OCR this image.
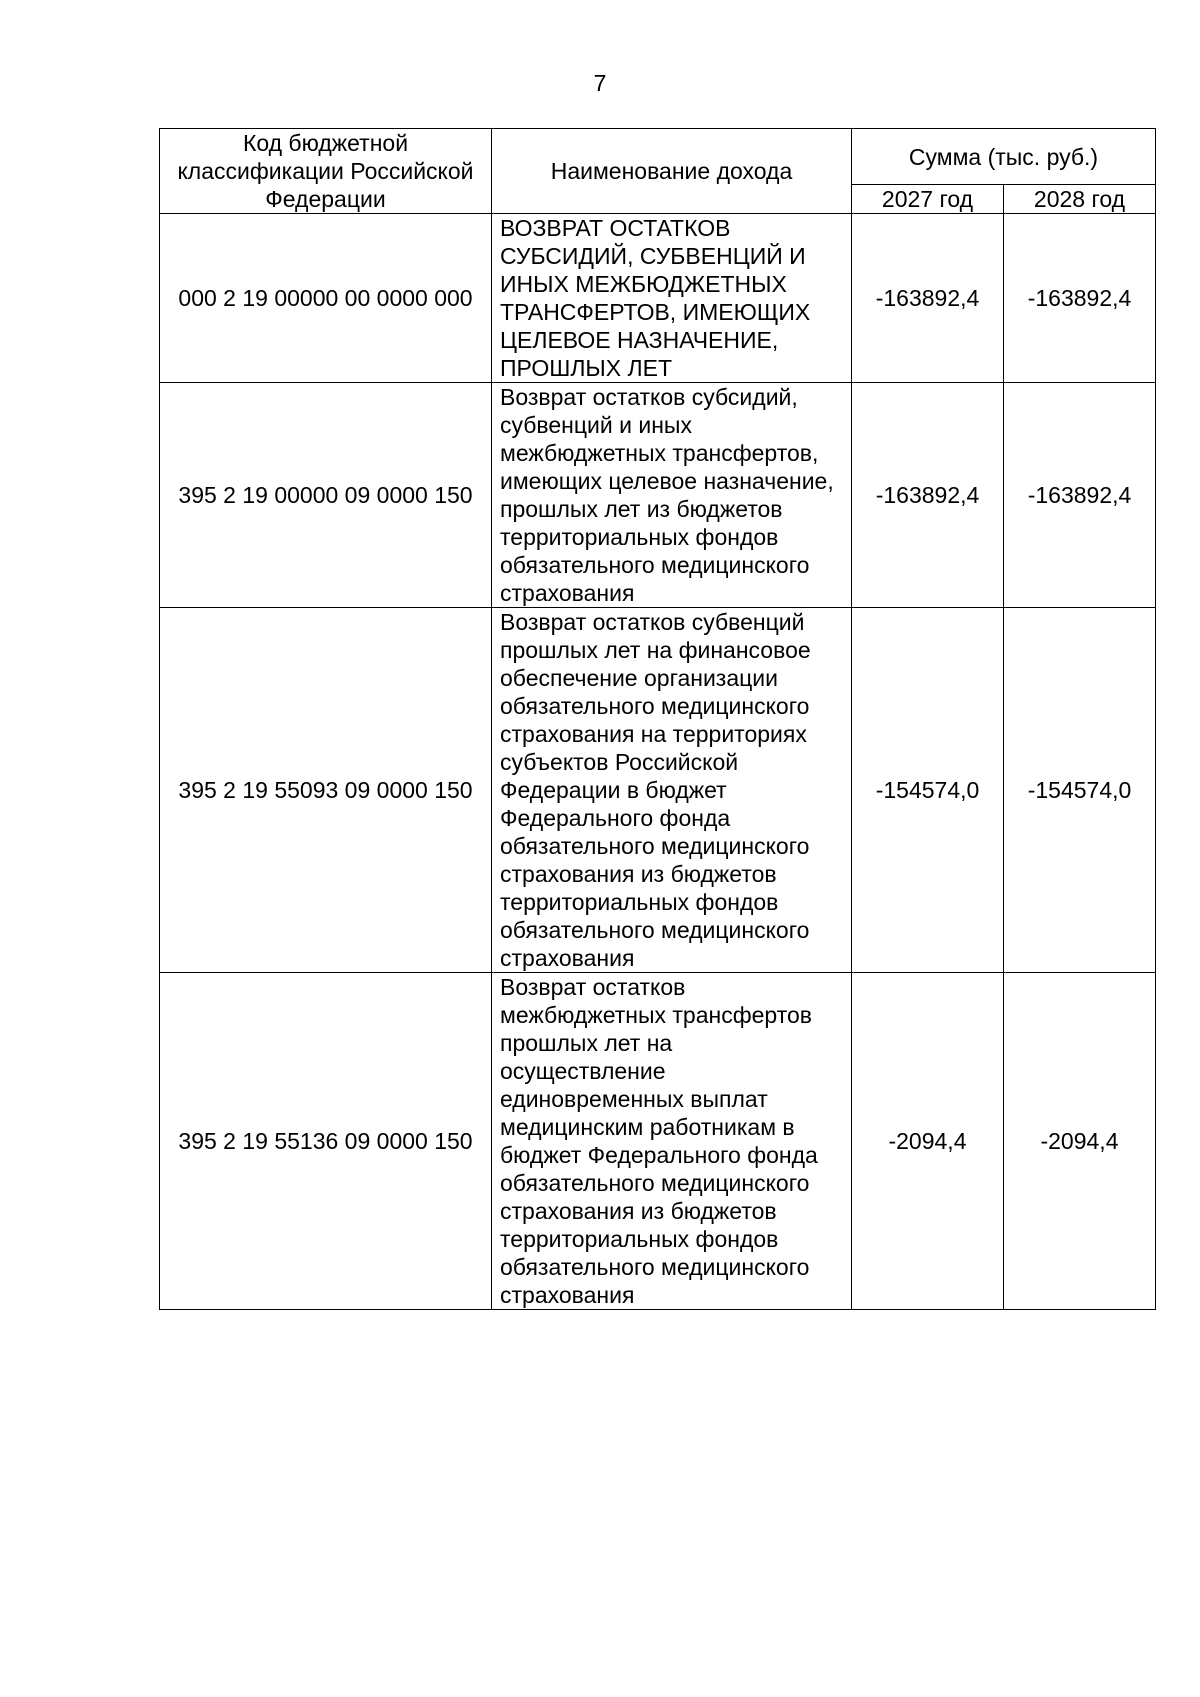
7
Код бюджетной классификации Российской Федерации	Наименование дохода	Сумма (тыс. руб.)	
		2027 год	2028 год
000 2 19 00000 00 0000 000	ВОЗВРАТ ОСТАТКОВ СУБСИДИЙ, СУБВЕНЦИЙ И ИНЫХ МЕЖБЮДЖЕТНЫХ ТРАНСФЕРТОВ, ИМЕЮЩИХ ЦЕЛЕВОЕ НАЗНАЧЕНИЕ, ПРОШЛЫХ ЛЕТ	-163892,4	-163892,4
395 2 19 00000 09 0000 150	Возврат остатков субсидий, субвенций и иных межбюджетных трансфертов, имеющих целевое назначение, прошлых лет из бюджетов территориальных фондов обязательного медицинского страхования	-163892,4	-163892,4
395 2 19 55093 09 0000 150	Возврат остатков субвенций прошлых лет на финансовое обеспечение организации обязательного медицинского страхования на территориях субъектов Российской Федерации в бюджет Федерального фонда обязательного медицинского страхования из бюджетов территориальных фондов обязательного медицинского страхования	-154574,0	-154574,0
395 2 19 55136 09 0000 150	Возврат остатков межбюджетных трансфертов прошлых лет на осуществление единовременных выплат медицинским работникам в бюджет Федерального фонда обязательного медицинского страхования из бюджетов территориальных фондов обязательного медицинского страхования	-2094,4	-2094,4
